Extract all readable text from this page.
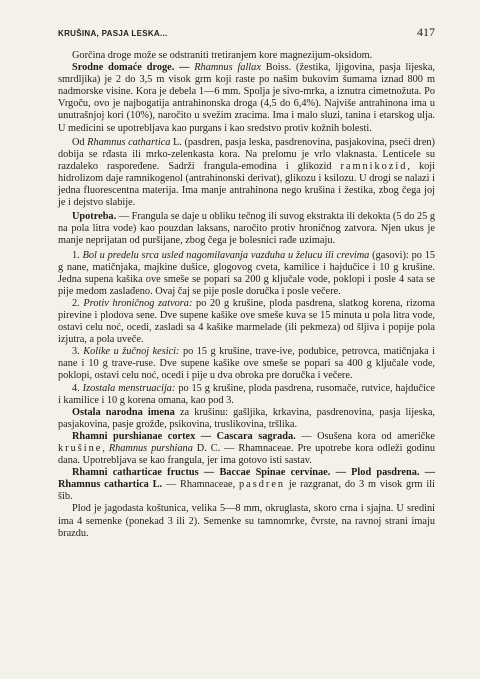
KRUŠINA, PASJA LESKA...	417

Gorčina droge može se odstraniti tretiranjem kore magnezijum-oksidom.

Srodne domaće droge. — Rhamnus fallax Boiss. (žestika, ljigovina, pasja lijeska, smrdljika) je 2 do 3,5 m visok grm koji raste po našim bukovim šumama iznad 800 m nadmorske visine. Kora je debela 1—6 mm. Spolja je sivo-mrka, a iznutra cimetnožuta. Po Vrgoču, ovo je najbogatija antrahinonska droga (4,5 do 6,4%). Najviše antrahinona ima u unutrašnjoj kori (10%), naročito u svežim zracima. Ima i malo sluzi, tanina i etarskog ulja. U medicini se upotrebljava kao purgans i kao sredstvo protiv kožnih bolesti.

Od Rhamnus cathartica L. (pasdren, pasja leska, pasdrenovina, pasjakovina, pseći dren) dobija se rđasta ili mrko-zelenkasta kora. Na prelomu je vrlo vlaknasta. Lenticele su razdaleko raspoređene. Sadrži frangula-emodina i glikozid ramnikozid, koji hidrolizom daje ramnikogenol (antrahinonski derivat), glikozu i ksilozu. U drogi se nalazi i jedna fluorescentna materija. Ima manje antrahinona nego krušina i žestika, zbog čega joj je i dejstvo slabije.

Upotreba. — Frangula se daje u obliku tečnog ili suvog ekstrakta ili dekokta (5 do 25 g na pola litra vode) kao pouzdan laksans, naročito protiv hroničnog zatvora. Njen ukus je manje neprijatan od puršijane, zbog čega je bolesnici rađe uzimaju.

1. Bol u predelu srca usled nagomilavanja vazduha u želucu ili crevima (gasovi): po 15 g nane, matičnjaka, majkine dušice, glogovog cveta, kamilice i hajdučice i 10 g krušine. Jedna supena kašika ove smeše se popari sa 200 g ključale vode, poklopi i posle 4 sata se pije medom zaslađeno. Ovaj čaj se pije posle doručka i posle večere.

2. Protiv hroničnog zatvora: po 20 g krušine, ploda pasdrena, slatkog korena, rizoma pirevine i plodova sene. Dve supene kašike ove smeše kuva se 15 minuta u pola litra vode, ostavi celu noć, ocedi, zasladi sa 4 kašike marmelade (ili pekmeza) od šljiva i popije pola izjutra, a pola uveče.

3. Kolike u žučnoj kesici: po 15 g krušine, trave-ive, podubice, petrovca, matičnjaka i nane i 10 g trave-ruse. Dve supene kašike ove smeše se popari sa 400 g ključale vode, poklopi, ostavi celu noć, ocedi i pije u dva obroka pre doručka i večere.

4. Izostala menstruacija: po 15 g krušine, ploda pasdrena, rusomače, rutvice, hajdučice i kamilice i 10 g korena omana, kao pod 3.

Ostala narodna imena za krušinu: gašljika, krkavina, pasdrenovina, pasja lijeska, pasjakovina, pasje grožđe, psikovina, truslikovina, tršlika.

Rhamni purshianae cortex — Cascara sagrada. — Osušena kora od američke krušine, Rhamnus purshiana D. C. — Rhamnaceae. Pre upotrebe kora odleži godinu dana. Upotrebljava se kao frangula, jer ima gotovo isti sastav.

Rhamni catharticae fructus — Baccae Spinae cervinae. — Plod pasdrena. — Rhamnus cathartica L. — Rhamnaceae, pasdren je razgranat, do 3 m visok grm ili šib.

Plod je jagodasta koštunica, velika 5—8 mm, okruglasta, skoro crna i sjajna. U sredini ima 4 semenke (ponekad 3 ili 2). Semenke su tamnomrke, čvrste, na ravnoj strani imaju brazdu.
